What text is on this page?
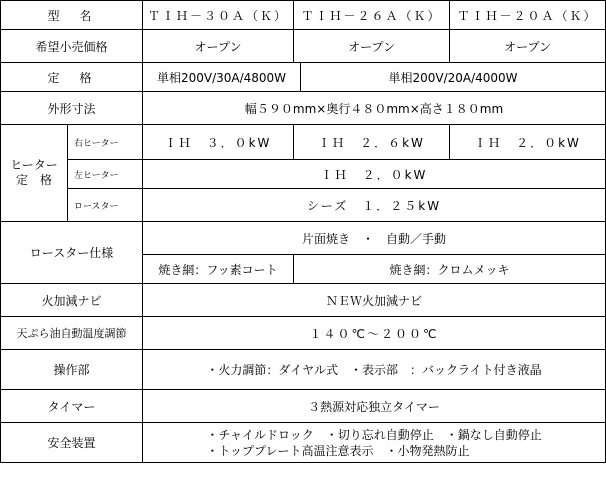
型　名		ＴＩＨ－３０Ａ（Ｋ）	ＴＩＨ－２６Ａ（Ｋ）		ＴＩＨ－２０Ａ（Ｋ）
希望小売価格		オープン	オープン		オープン
定　格		単相200V/30A/4800W		単相200V/20A/4000W	
外形寸法		幅５９０mm×奥行４８０mm×高さ１８０mm			

ヒーター
定　格	右ヒーター	ＩＨ　３．０kW	ＩＨ　２．６kW		ＩＨ　２．０kW
	左ヒーター	ＩＨ　２．０kW			
	ロースター	シーズ　１．２５kW			
ロースター仕様		片面焼き　・　自動／手動			
		焼き網：フッ素コート	焼き網：クロムメッキ		
火加減ナビ		ＮＥＷ火加減ナビ			
天ぷら油自動温度調節		１４０℃～２００℃			
操作部		・火力調節：ダイヤル式　・表示部　：バックライト付き液晶			
タイマー		３熱源対応独立タイマー			
安全装置		・チャイルドロック　・切り忘れ自動停止　・鍋なし自動停止
・トッププレート高温注意表示　・小物発熱防止			
